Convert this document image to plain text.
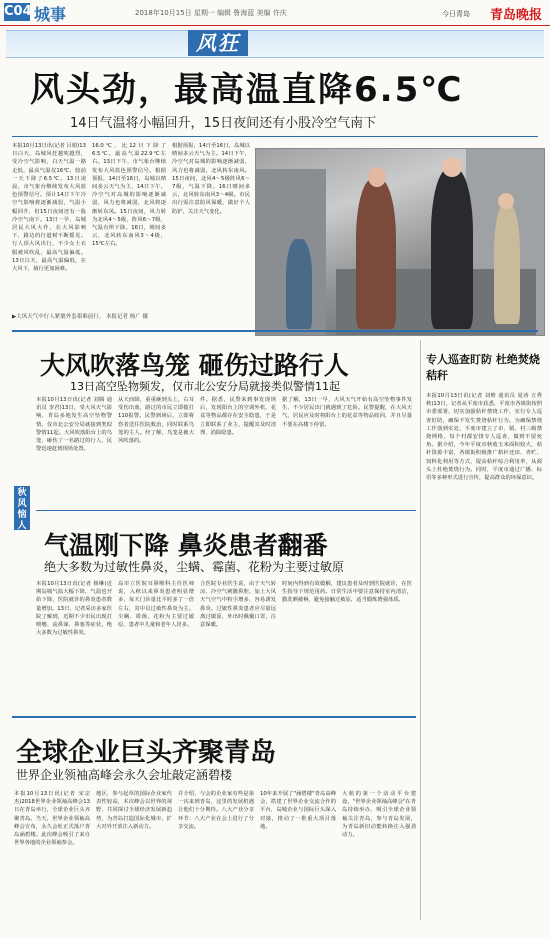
C04 城事	2018年10月15日 星期一 编辑 鲁海蓝 美编 许庆	今日青岛 青岛晚报
风狂
风头劲，最高温直降6.5℃
14日气温将小幅回升，15日夜间还有小股冷空气南下
本报10月13日讯(记者 吕娟)13日白天，岛城风狂越吹越烈，受冷空气影响，白天气温一路走低，最高气温仅16℃，较前一天下降了6.5℃。13日凌晨，市气象台继续发布大风蓝色预警信号。预计14日下午冷空气影响将逐渐减弱，气温小幅回升，但15日夜间还有一股冷空气南下。13日一早，岛城居民大风大作，在大风影响下，路边的行道树不断摇晃。行人顶大风出行，不少女士衣服被风吹乱，最高气温偏低。13日白天，最高气温偏低，在大风下，骑行更加困难。
16.0℃，比12日下降了6.5℃。最高气温22.9℃左右。13日下午，市气象台继续发布大风蓝色预警信号。根据预报，14日至16日，岛城以晴间多云天气为主，14日下午，冷空气对岛城的影响逐渐减弱，风力也将减弱，北风将逐渐转东风。15日夜间，风力转为北风4～5级，阵风6～7级，气温有所下降。16日，晴间多云，北风转东南风3～4级，15℃左右。
根据预报，14日至16日，岛城以晴间多云天气为主。14日下午，冷空气对岛城的影响逐渐减弱，风力也将减弱，北风转东南风。15日夜间，北风4～5级阵风6～7级，气温下降。16日晴间多云，北风转东南风3～4级。市民出行需注意防风保暖，做好个人防护，关注天气变化。
▶大风天气中行人紧裹外套艰难前行。 本报记者 杨广 摄
大风吹落鸟笼 砸伤过路行人
13日高空坠物频发，仅市北公安分局就接类似警情11起
本报10月13日讯(记者 刘腾 通讯员 李君)13日，受大风天气影响，青岛多地发生高空坠物警情，仅市北公安分局就接到类似警情11起。大风吹落阳台上的鸟笼，砸伤了一名路过的行人，民警迅速赶到现场处置。
从天而降，重重砸到头上，右耳受伤出血，路过的市民立即拨打110报警。民警到场后，立即将伤者送往医院救治，同时联系鸟笼的主人。经了解，鸟笼是被大风吹落的。
件。据悉，民警来到事发现场后，发现阳台上的空调外机、花盆等物品都存在安全隐患，于是立即联系了业主，提醒其及时清理，消除隐患。
据了解，13日一早，大风天气开始有高空坠物事件发生，不少居民出门就遇到了危险。民警提醒，在大风天气，居民应及时将阳台上的花盆等物品收回，并且尽量不要在高楼下停留。
秋风恼人
专人巡查盯防 杜绝焚烧秸秆
本报10月13日讯(记者 刘维 通讯员 夏涛 万秀秋)13日，记者从平度市获悉，平度市各镇街按照市委部署，切实加强秸秆禁烧工作，实行专人巡查盯防，确保不发生焚烧秸秆行为。为确保禁烧工作落到实处，平度市建立了市、镇、村三级禁烧网格，每个村都安排专人巡查，做到不留死角。据介绍，今年平度市秋收玉米面积较大，秸秆资源丰富，各镇街积极推广秸秆还田、青贮、饲料化利用等方式，提高秸秆综合利用率，从源头上杜绝焚烧行为。同时，平度市通过广播、标语等多种形式进行宣传，提高群众的环保意识。
气温刚下降 鼻炎患者翻番
绝大多数为过敏性鼻炎，尘螨、霉菌、花粉为主要过敏原
本报10月13日讯(记者 杨琳)近期岛城气温大幅下降，气温也开始下降，医院就诊的鼻炎患者数量增加。13日，记者采访多家医院了解到，近期不少市民出现打喷嚏、流鼻涕、鼻塞等症状，绝大多数为过敏性鼻炎。
岛市立医院耳鼻喉科主任医师说，入秋以来鼻炎患者明显增多，每天门诊量比平时多了一倍左右，其中以过敏性鼻炎为主。尘螨、霉菌、花粉为主要过敏原，患者中儿童和老年人居多。
合医院专业医生说，由于天气转凉，冷空气刺激鼻腔，加上大风天气空气中粉尘增多，容易诱发鼻炎。过敏性鼻炎患者应尽量远离过敏原，外出时佩戴口罩，注意保暖。
时间内得到有效缓解，建议患者及时到医院就诊，在医生指导下规范用药。日常生活中要注意保持室内清洁，勤洗晒被褥，避免接触过敏原，适当锻炼增强体质。
全球企业巨头齐聚青岛
世界企业领袖高峰会永久会址敲定涵碧楼
本报10月13日讯(记者 宋宗杰)2018世界企业领袖高峰会13日在青岛举行，全球企业巨头齐聚青岛。当天，世界企业领袖高峰会宣布，永久会址正式落户青岛涵碧楼。此次峰会吸引了来自世界各地的企业领袖参会。
地区，参与起草的国际企业家代表性较高，本次峰会以世界的视野，共同探讨全球经济发展新趋势，为青岛打造国际化城市、扩大对外开放注入新动力。
并介绍，与会的企业家有些是第一次来到青岛，这里的发展机遇让他们十分期待。八大产业分享环节：八大产业在会上进行了分享交流。
10年来开展了"涵碧楼"青岛高峰会，搭建了世界企业交流合作的平台，岛城企业与国际巨头深入对接，推动了一批重大项目落地。
大航的第一个活动平台建设，"世界企业领袖高峰会"在青岛持续举办，吸引全球企业领袖关注青岛，参与青岛发展，为青岛新旧动能转换注入强劲动力。
